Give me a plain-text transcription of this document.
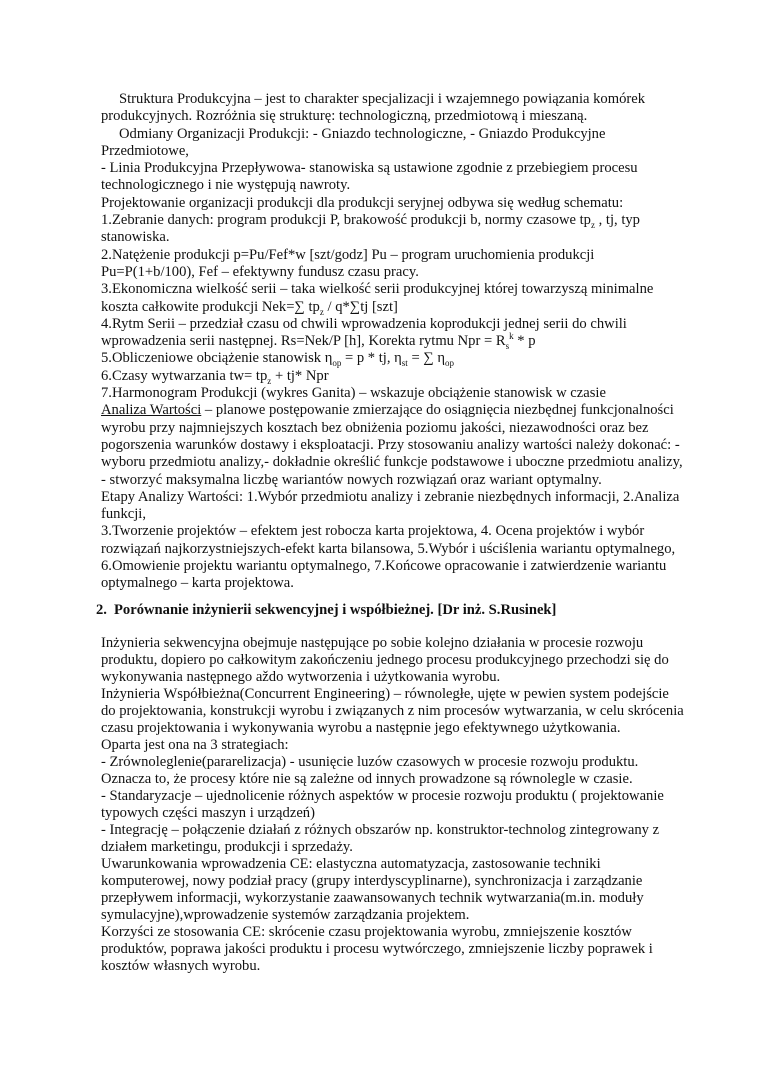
Struktura Produkcyjna – jest to charakter specjalizacji i wzajemnego powiązania komórek
produkcyjnych. Rozróżnia się strukturę: technologiczną, przedmiotową i mieszaną.
Odmiany Organizacji Produkcji: - Gniazdo technologiczne, - Gniazdo Produkcyjne
Przedmiotowe,
- Linia Produkcyjna Przepływowa- stanowiska są ustawione zgodnie z przebiegiem procesu
technologicznego i nie występują nawroty.
Projektowanie organizacji produkcji dla produkcji seryjnej odbywa się według schematu:
1.Zebranie danych: program produkcji P, brakowość produkcji b, normy czasowe $tp_z$ , tj, typ
stanowiska.
2.Natężenie produkcji p=Pu/Fef*w [szt/godz] Pu – program uruchomienia produkcji
Pu=P(1+b/100), Fef – efektywny fundusz czasu pracy.
3.Ekonomiczna wielkość serii – taka wielkość serii produkcyjnej której towarzyszą minimalne
koszta całkowite produkcji Nek=∑ $tp_z / q*\sum tj$ [szt]
4.Rytm Serii – przedział czasu od chwili wprowadzenia koprodukcji jednej serii do chwili
wprowadzenia serii następnej. Rs=Nek/P [h], Korekta rytmu Npr = $R_s^k$ * p
5.Obliczeniowe obciążenie stanowisk $\eta_{op} = p$ * tj, $\eta_{st}$ = ∑ $\eta_{op}$
6.Czasy wytwarzania $tw= tp_z + tj*$ Npr
7.Harmonogram Produkcji (wykres Ganita) – wskazuje obciążenie stanowisk w czasie
Analiza Wartości – planowe postępowanie zmierzające do osiągnięcia niezbędnej funkcjonalności
wyrobu przy najmniejszych kosztach bez obniżenia poziomu jakości, niezawodności oraz bez
pogorszenia warunków dostawy i eksploatacji. Przy stosowaniu analizy wartości należy dokonać: -
wyboru przedmiotu analizy,- dokładnie określić funkcje podstawowe i uboczne przedmiotu analizy,
- stworzyć maksymalna liczbę wariantów nowych rozwiązań oraz wariant optymalny.
Etapy Analizy Wartości: 1.Wybór przedmiotu analizy i zebranie niezbędnych informacji, 2.Analiza
funkcji,
3.Tworzenie projektów – efektem jest robocza karta projektowa, 4. Ocena projektów i wybór
rozwiązań najkorzystniejszych-efekt karta bilansowa, 5.Wybór i uściślenia wariantu optymalnego,
6.Omowienie projektu wariantu optymalnego, 7.Końcowe opracowanie i zatwierdzenie wariantu
optymalnego – karta projektowa.
2. Porównanie inżynierii sekwencyjnej i współbieżnej. [Dr inż. S.Rusinek]
Inżynieria sekwencyjna obejmuje następujące po sobie kolejno działania w procesie rozwoju
produktu, dopiero po całkowitym zakończeniu jednego procesu produkcyjnego przechodzi się do
wykonywania następnego aždo wytworzenia i użytkowania wyrobu.
Inżynieria Współbieżna(Concurrent Engineering) – równoległe, ujęte w pewien system podejście
do projektowania, konstrukcji wyrobu i związanych z nim procesów wytwarzania, w celu skrócenia
czasu projektowania i wykonywania wyrobu a następnie jego efektywnego użytkowania.
Oparta jest ona na 3 strategiach:
- Zrównoleglenie(pararelizacja) - usunięcie luzów czasowych w procesie rozwoju produktu.
Oznacza to, że procesy które nie są zależne od innych prowadzone są równolegle w czasie.
- Standaryzacje – ujednolicenie różnych aspektów w procesie rozwoju produktu ( projektowanie
typowych części maszyn i urządzeń)
- Integrację – połączenie działań z różnych obszarów np. konstruktor-technolog zintegrowany z
działem marketingu, produkcji i sprzedaży.
Uwarunkowania wprowadzenia CE: elastyczna automatyzacja, zastosowanie techniki
komputerowej, nowy podział pracy (grupy interdyscyplinarne), synchronizacja i zarządzanie
przepływem informacji, wykorzystanie zaawansowanych technik wytwarzania(m.in. moduły
symulacyjne),wprowadzenie systemów zarządzania projektem.
Korzyści ze stosowania CE: skrócenie czasu projektowania wyrobu, zmniejszenie kosztów
produktów, poprawa jakości produktu i procesu wytwórczego, zmniejszenie liczby poprawek i
kosztów własnych wyrobu.
